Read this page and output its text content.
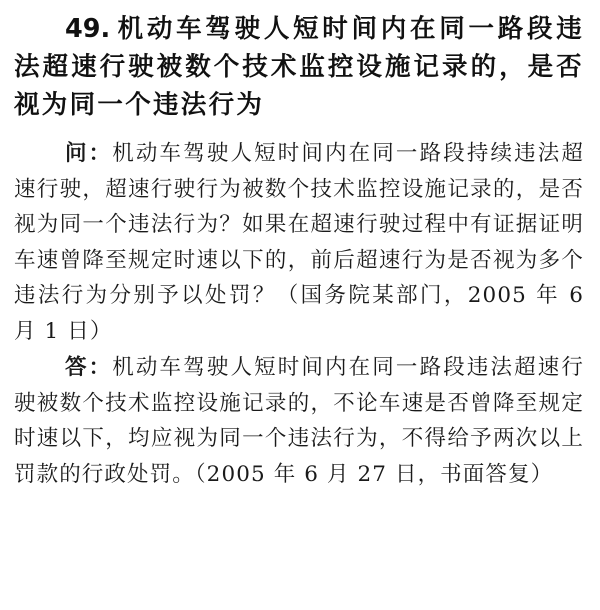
49. 机动车驾驶人短时间内在同一路段违法超速行驶被数个技术监控设施记录的，是否视为同一个违法行为

问：机动车驾驶人短时间内在同一路段持续违法超速行驶，超速行驶行为被数个技术监控设施记录的，是否视为同一个违法行为？如果在超速行驶过程中有证据证明车速曾降至规定时速以下的，前后超速行为是否视为多个违法行为分别予以处罚？（国务院某部门，2005 年 6 月 1 日）

答：机动车驾驶人短时间内在同一路段违法超速行驶被数个技术监控设施记录的，不论车速是否曾降至规定时速以下，均应视为同一个违法行为，不得给予两次以上罚款的行政处罚。（2005 年 6 月 27 日，书面答复）
